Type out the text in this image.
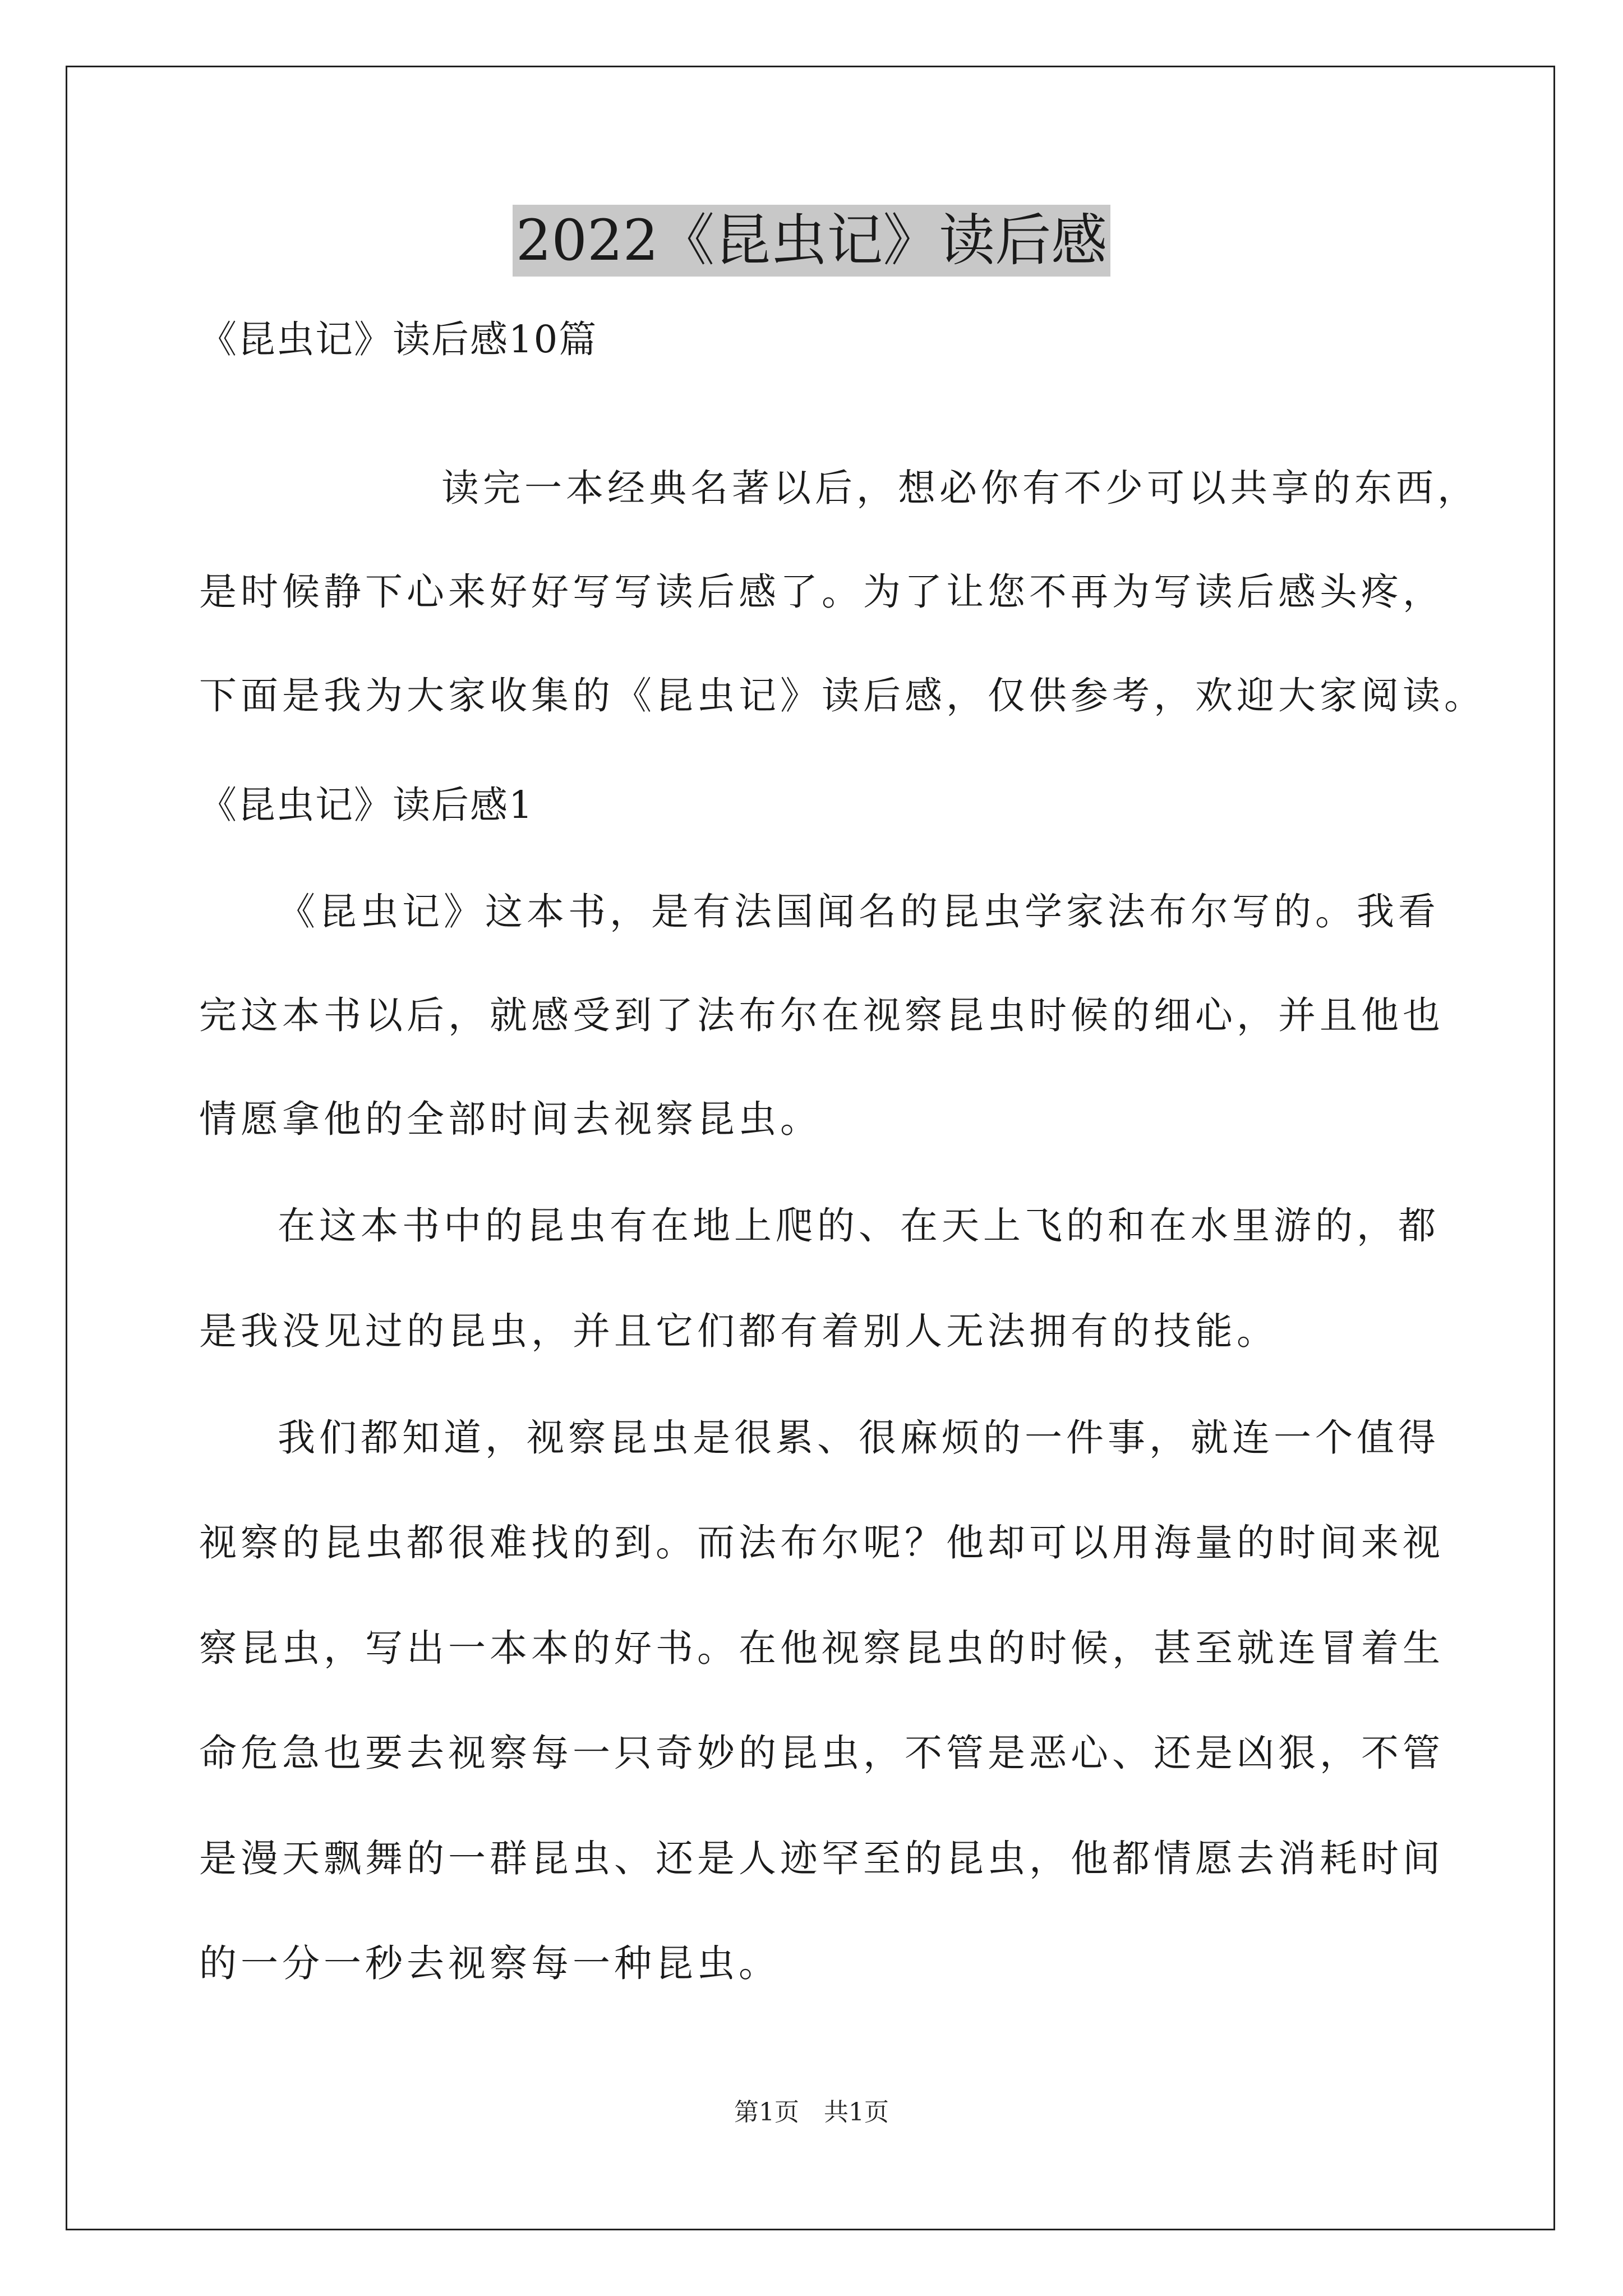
2022《昆虫记》读后感
《昆虫记》读后感10篇
读完一本经典名著以后，想必你有不少可以共享的东西，
是时候静下心来好好写写读后感了。为了让您不再为写读后感头疼，
下面是我为大家收集的《昆虫记》读后感，仅供参考，欢迎大家阅读。
《昆虫记》读后感1
《昆虫记》这本书，是有法国闻名的昆虫学家法布尔写的。我看
完这本书以后，就感受到了法布尔在视察昆虫时候的细心，并且他也
情愿拿他的全部时间去视察昆虫。
在这本书中的昆虫有在地上爬的、在天上飞的和在水里游的，都
是我没见过的昆虫，并且它们都有着别人无法拥有的技能。
我们都知道，视察昆虫是很累、很麻烦的一件事，就连一个值得
视察的昆虫都很难找的到。而法布尔呢？他却可以用海量的时间来视
察昆虫，写出一本本的好书。在他视察昆虫的时候，甚至就连冒着生
命危急也要去视察每一只奇妙的昆虫，不管是恶心、还是凶狠，不管
是漫天飘舞的一群昆虫、还是人迹罕至的昆虫，他都情愿去消耗时间
的一分一秒去视察每一种昆虫。
第1页　共1页
